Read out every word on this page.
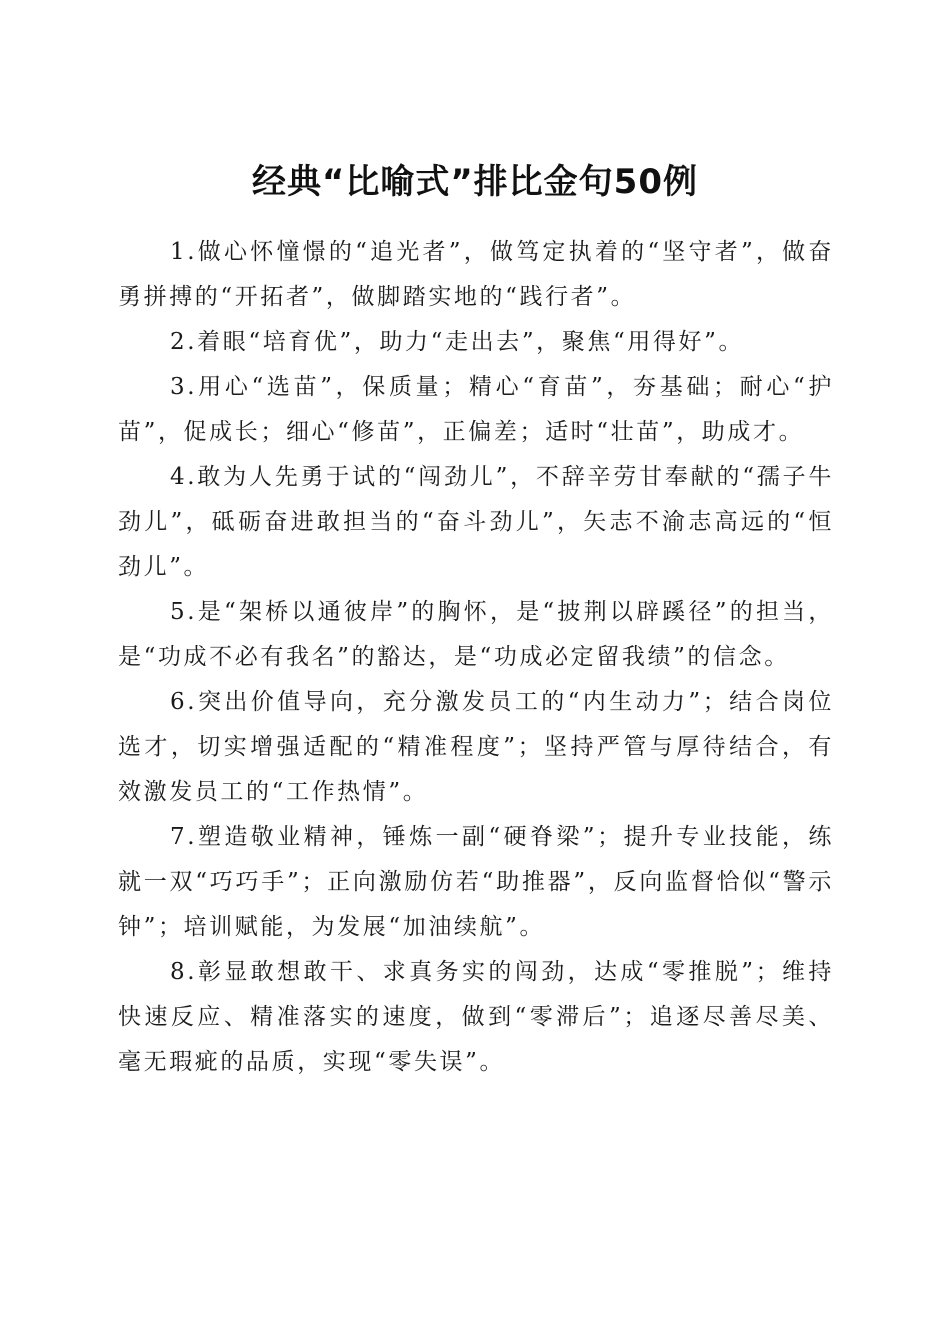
经典“比喻式”排比金句50例

1.做心怀憧憬的“追光者”，做笃定执着的“坚守者”，做奋勇拼搏的“开拓者”，做脚踏实地的“践行者”。

2.着眼“培育优”，助力“走出去”，聚焦“用得好”。

3.用心“选苗”，保质量；精心“育苗”，夯基础；耐心“护苗”，促成长；细心“修苗”，正偏差；适时“壮苗”，助成才。

4.敢为人先勇于试的“闯劲儿”，不辞辛劳甘奉献的“孺子牛劲儿”，砥砺奋进敢担当的“奋斗劲儿”，矢志不渝志高远的“恒劲儿”。

5.是“架桥以通彼岸”的胸怀，是“披荆以辟蹊径”的担当，是“功成不必有我名”的豁达，是“功成必定留我绩”的信念。

6.突出价值导向，充分激发员工的“内生动力”；结合岗位选才，切实增强适配的“精准程度”；坚持严管与厚待结合，有效激发员工的“工作热情”。

7.塑造敬业精神，锤炼一副“硬脊梁”；提升专业技能，练就一双“巧巧手”；正向激励仿若“助推器”，反向监督恰似“警示钟”；培训赋能，为发展“加油续航”。

8.彰显敢想敢干、求真务实的闯劲，达成“零推脱”；维持快速反应、精准落实的速度，做到“零滞后”；追逐尽善尽美、毫无瑕疵的品质，实现“零失误”。
